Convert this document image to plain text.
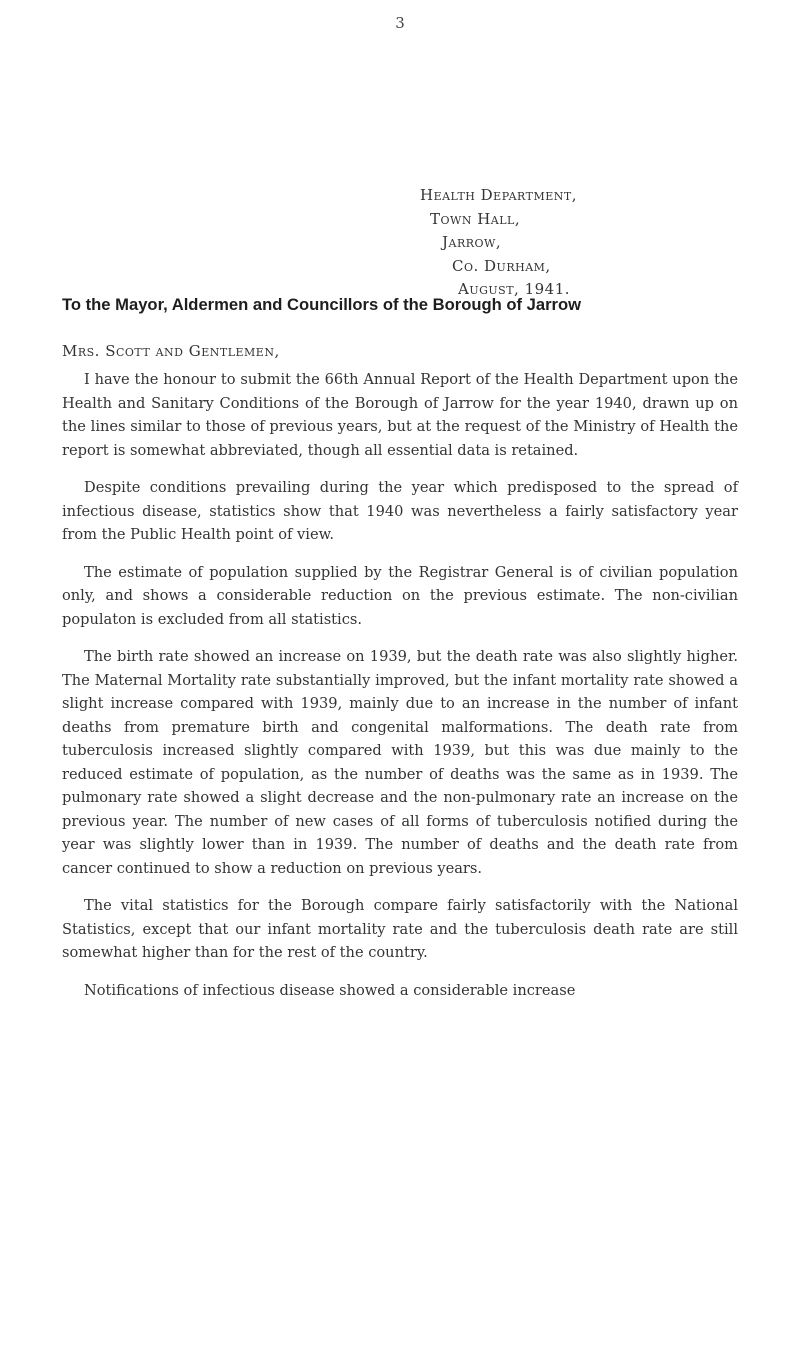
3
Health Department,
Town Hall,
Jarrow,
Co. Durham,
August, 1941.
To the Mayor, Aldermen and Councillors of the Borough of Jarrow
Mrs. Scott and Gentlemen,

I have the honour to submit the 66th Annual Report of the Health Department upon the Health and Sanitary Conditions of the Borough of Jarrow for the year 1940, drawn up on the lines similar to those of previous years, but at the request of the Ministry of Health the report is somewhat abbreviated, though all essential data is retained.

Despite conditions prevailing during the year which predisposed to the spread of infectious disease, statistics show that 1940 was nevertheless a fairly satisfactory year from the Public Health point of view.

The estimate of population supplied by the Registrar General is of civilian population only, and shows a considerable reduction on the previous estimate. The non-civilian populaton is excluded from all statistics.

The birth rate showed an increase on 1939, but the death rate was also slightly higher. The Maternal Mortality rate substantially improved, but the infant mortality rate showed a slight increase compared with 1939, mainly due to an increase in the number of infant deaths from premature birth and congenital malformations. The death rate from tuberculosis increased slightly compared with 1939, but this was due mainly to the reduced estimate of population, as the number of deaths was the same as in 1939. The pulmonary rate showed a slight decrease and the non-pulmonary rate an increase on the previous year. The number of new cases of all forms of tuberculosis notified during the year was slightly lower than in 1939. The number of deaths and the death rate from cancer continued to show a reduction on previous years.

The vital statistics for the Borough compare fairly satisfactorily with the National Statistics, except that our infant mortality rate and the tuberculosis death rate are still somewhat higher than for the rest of the country.

Notifications of infectious disease showed a considerable increase
